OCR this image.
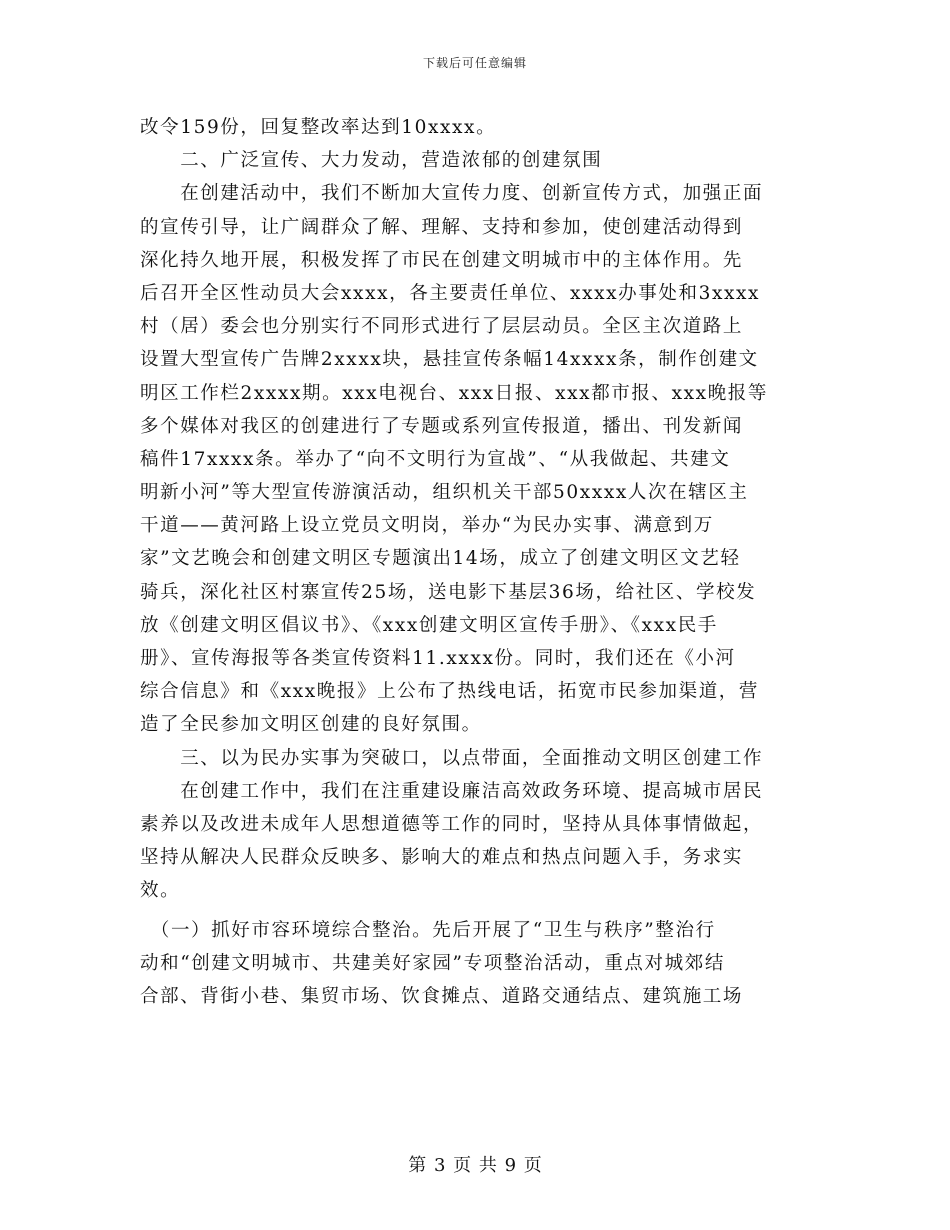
下载后可任意编辑
改令159份，回复整改率达到10xxxx。
　　二、广泛宣传、大力发动，营造浓郁的创建氛围
　　在创建活动中，我们不断加大宣传力度、创新宣传方式，加强正面
的宣传引导，让广阔群众了解、理解、支持和参加，使创建活动得到
深化持久地开展，积极发挥了市民在创建文明城市中的主体作用。先
后召开全区性动员大会xxxx，各主要责任单位、xxxx办事处和3xxxx
村（居）委会也分别实行不同形式进行了层层动员。全区主次道路上
设置大型宣传广告牌2xxxx块，悬挂宣传条幅14xxxx条，制作创建文
明区工作栏2xxxx期。xxx电视台、xxx日报、xxx都市报、xxx晚报等
多个媒体对我区的创建进行了专题或系列宣传报道，播出、刊发新闻
稿件17xxxx条。举办了“向不文明行为宣战”、“从我做起、共建文
明新小河”等大型宣传游演活动，组织机关干部50xxxx人次在辖区主
干道——黄河路上设立党员文明岗，举办“为民办实事、满意到万
家”文艺晚会和创建文明区专题演出14场，成立了创建文明区文艺轻
骑兵，深化社区村寨宣传25场，送电影下基层36场，给社区、学校发
放《创建文明区倡议书》、《xxx创建文明区宣传手册》、《xxx民手
册》、宣传海报等各类宣传资料11.xxxx份。同时，我们还在《小河
综合信息》和《xxx晚报》上公布了热线电话，拓宽市民参加渠道，营
造了全民参加文明区创建的良好氛围。
　　三、以为民办实事为突破口，以点带面，全面推动文明区创建工作
　　在创建工作中，我们在注重建设廉洁高效政务环境、提高城市居民
素养以及改进未成年人思想道德等工作的同时，坚持从具体事情做起，
坚持从解决人民群众反映多、影响大的难点和热点问题入手，务求实
效。
　（一）抓好市容环境综合整治。先后开展了“卫生与秩序”整治行
动和“创建文明城市、共建美好家园”专项整治活动，重点对城郊结
合部、背街小巷、集贸市场、饮食摊点、道路交通结点、建筑施工场
第 3 页 共 9 页
